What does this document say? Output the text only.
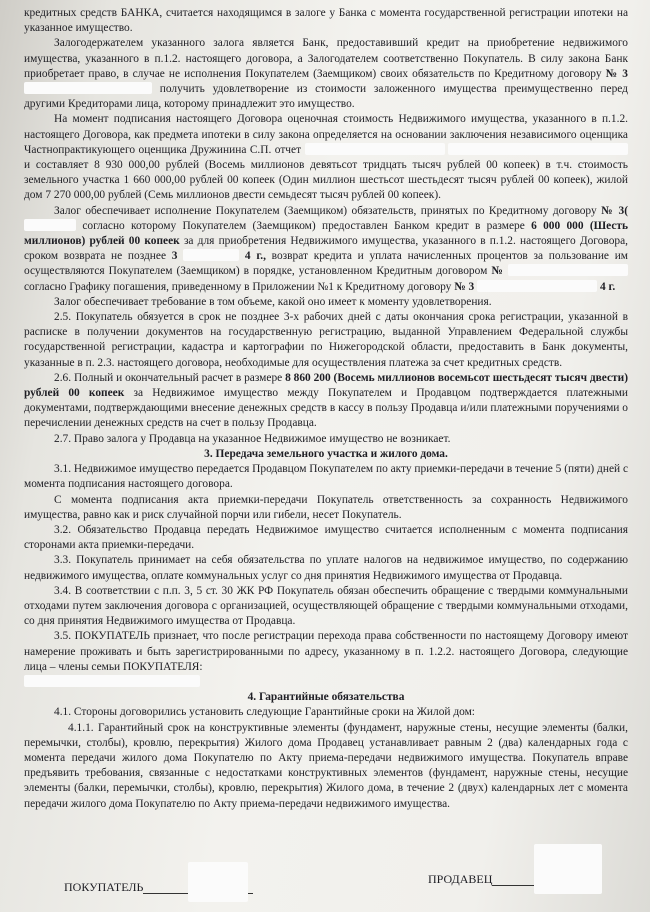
кредитных средств БАНКА, считается находящимся в залоге у Банка с момента государственной регистрации ипотеки на указанное имущество.

Залогодержателем указанного залога является Банк, предоставивший кредит на приобретение недвижимого имущества, указанного в п.1.2. настоящего договора, а Залогодателем соответственно Покупатель. В силу закона Банк приобретает право, в случае не исполнения Покупателем (Заемщиком) своих обязательств по Кредитному договору № 3  получить удовлетворение из стоимости заложенного имущества преимущественно перед другими Кредиторами лица, которому принадлежит это имущество.

На момент подписания настоящего Договора оценочная стоимость Недвижимого имущества, указанного в п.1.2. настоящего Договора, как предмета ипотеки в силу закона определяется на основании заключения независимого оценщика Частнопрактикующего оценщика Дружинина С.П. отчет   и составляет 8 930 000,00 рублей (Восемь миллионов девятьсот тридцать тысяч рублей 00 копеек) в т.ч. стоимость земельного участка 1 660 000,00 рублей 00 копеек (Один миллион шестьсот шестьдесят тысяч рублей 00 копеек), жилой дом 7 270 000,00 рублей (Семь миллионов двести семьдесят тысяч рублей 00 копеек).

Залог обеспечивает исполнение Покупателем (Заемщиком) обязательств, принятых по Кредитному договору № 3(  согласно которому Покупателем (Заемщиком) предоставлен Банком кредит в размере 6 000 000 (Шесть миллионов) рублей 00 копеек за для приобретения Недвижимого имущества, указанного в п.1.2. настоящего Договора, сроком возврата не позднее 3	4 г., возврат кредита и уплата начисленных процентов за пользование им осуществляются Покупателем (Заемщиком) в порядке, установленном Кредитным договором №  согласно Графику погашения, приведенному в Приложении №1 к Кредитному договору № 3	4 г.

Залог обеспечивает требование в том объеме, какой оно имеет к моменту удовлетворения.

2.5. Покупатель обязуется в срок не позднее 3-х рабочих дней с даты окончания срока регистрации, указанной в расписке в получении документов на государственную регистрацию, выданной Управлением Федеральной службы государственной регистрации, кадастра и картографии по Нижегородской области, предоставить в Банк документы, указанные в п. 2.3. настоящего договора, необходимые для осуществления платежа за счет кредитных средств.

2.6. Полный и окончательный расчет в размере 8 860 200 (Восемь миллионов восемьсот шестьдесят тысяч двести) рублей 00 копеек за Недвижимое имущество между Покупателем и Продавцом подтверждается платежными документами, подтверждающими внесение денежных средств в кассу в пользу Продавца и/или платежными поручениями о перечислении денежных средств на счет в пользу Продавца.

2.7. Право залога у Продавца на указанное Недвижимое имущество не возникает.

3. Передача земельного участка и жилого дома.

3.1. Недвижимое имущество передается Продавцом Покупателем по акту приемки-передачи в течение 5 (пяти) дней с момента подписания настоящего договора.

С момента подписания акта приемки-передачи Покупатель ответственность за сохранность Недвижимого имущества, равно как и риск случайной порчи или гибели, несет Покупатель.

3.2. Обязательство Продавца передать Недвижимое имущество считается исполненным с момента подписания сторонами акта приемки-передачи.

3.3. Покупатель принимает на себя обязательства по уплате налогов на недвижимое имущество, по содержанию недвижимого имущества, оплате коммунальных услуг со дня принятия Недвижимого имущества от Продавца.

3.4. В соответствии с п.п. 3, 5 ст. 30 ЖК РФ Покупатель обязан обеспечить обращение с твердыми коммунальными отходами путем заключения договора с организацией, осуществляющей обращение с твердыми коммунальными отходами, со дня принятия Недвижимого имущества от Продавца.

3.5. ПОКУПАТЕЛЬ признает, что после регистрации перехода права собственности по настоящему Договору имеют намерение проживать и быть зарегистрированными по адресу, указанному в п. 1.2.2. настоящего Договора, следующие лица – члены семьи ПОКУПАТЕЛЯ:

4. Гарантийные обязательства

4.1. Стороны договорились установить следующие Гарантийные сроки на Жилой дом:

4.1.1. Гарантийный срок на конструктивные элементы (фундамент, наружные стены, несущие элементы (балки, перемычки, столбы), кровлю, перекрытия) Жилого дома Продавец устанавливает равным 2 (два) календарных года с момента передачи жилого дома Покупателю по Акту приема-передачи недвижимого имущества. Покупатель вправе предъявить требования, связанные с недостатками конструктивных элементов (фундамент, наружные стены, несущие элементы (балки, перемычки, столбы), кровлю, перекрытия) Жилого дома, в течение 2 (двух) календарных лет с момента передачи жилого дома Покупателю по Акту приема-передачи недвижимого имущества.

ПОКУПАТЕЛЬ
ПРОДАВЕЦ
